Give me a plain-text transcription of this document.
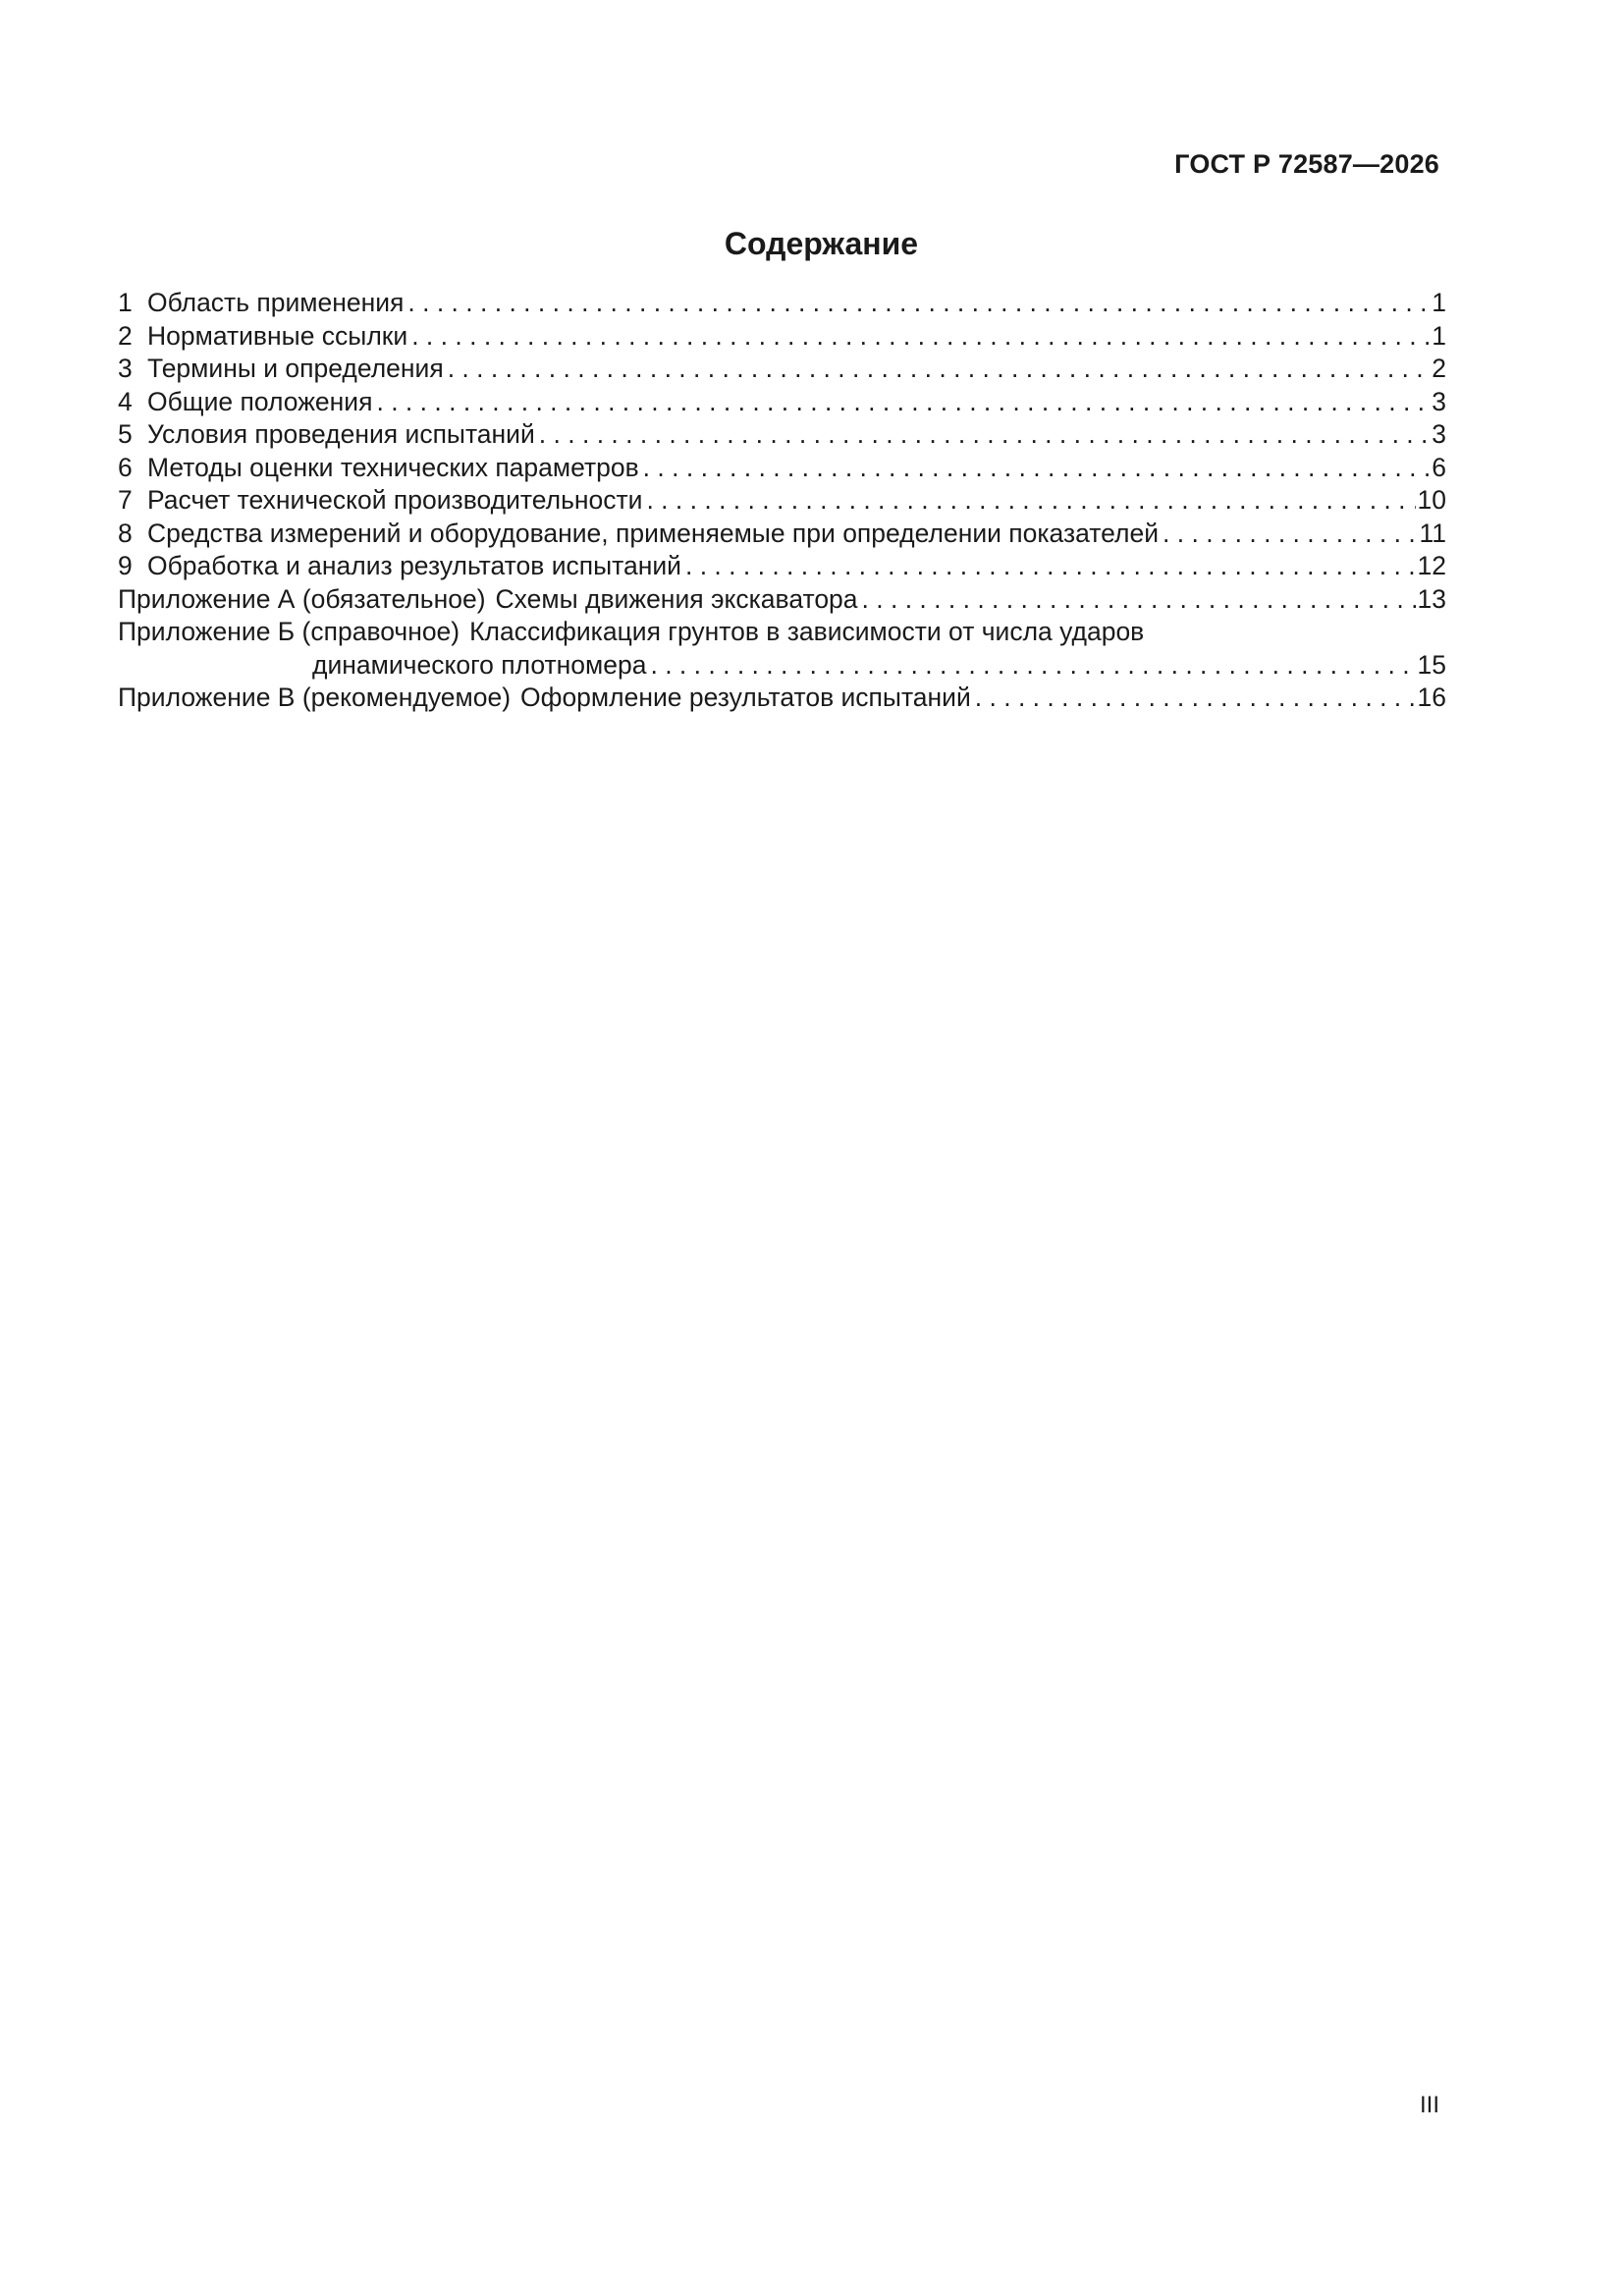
ГОСТ Р 72587—2026
Содержание
1 Область применения . . .	1
2 Нормативные ссылки . . .	1
3 Термины и определения . . .	2
4 Общие положения . . .	3
5 Условия проведения испытаний . . .	3
6 Методы оценки технических параметров . . .	6
7 Расчет технической производительности . . .	10
8 Средства измерений и оборудование, применяемые при определении показателей . . .	11
9 Обработка и анализ результатов испытаний . . .	12
Приложение А (обязательное) Схемы движения экскаватора . . .	13
Приложение Б (справочное) Классификация грунтов в зависимости от числа ударов
динамического плотномера . . .	15
Приложение В (рекомендуемое) Оформление результатов испытаний . . .	16
III
